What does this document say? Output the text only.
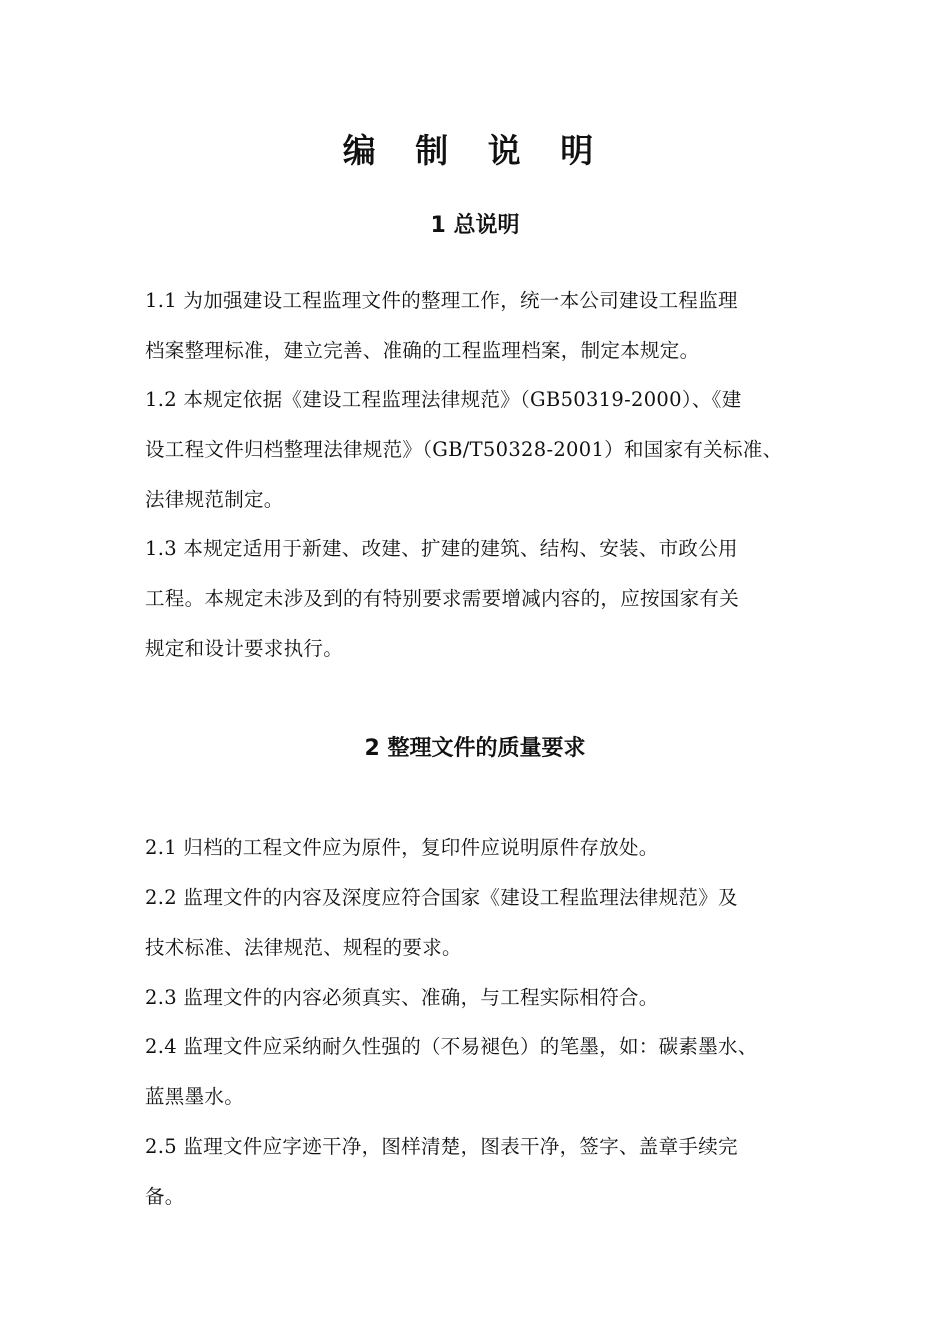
编 制 说 明
1 总说明

1.1 为加强建设工程监理文件的整理工作，统一本公司建设工程监理
档案整理标准，建立完善、准确的工程监理档案，制定本规定。

1.2 本规定依据《建设工程监理法律规范》（GB50319-2000）、《建
设工程文件归档整理法律规范》（GB/T50328-2001）和国家有关标准、
法律规范制定。

1.3 本规定适用于新建、改建、扩建的建筑、结构、安装、市政公用
工程。本规定未涉及到的有特别要求需要增减内容的，应按国家有关
规定和设计要求执行。

2 整理文件的质量要求

2.1 归档的工程文件应为原件，复印件应说明原件存放处。

2.2 监理文件的内容及深度应符合国家《建设工程监理法律规范》及
技术标准、法律规范、规程的要求。

2.3 监理文件的内容必须真实、准确，与工程实际相符合。

2.4 监理文件应采纳耐久性强的（不易褪色）的笔墨，如：碳素墨水、
蓝黑墨水。

2.5 监理文件应字迹干净，图样清楚，图表干净，签字、盖章手续完
备。
